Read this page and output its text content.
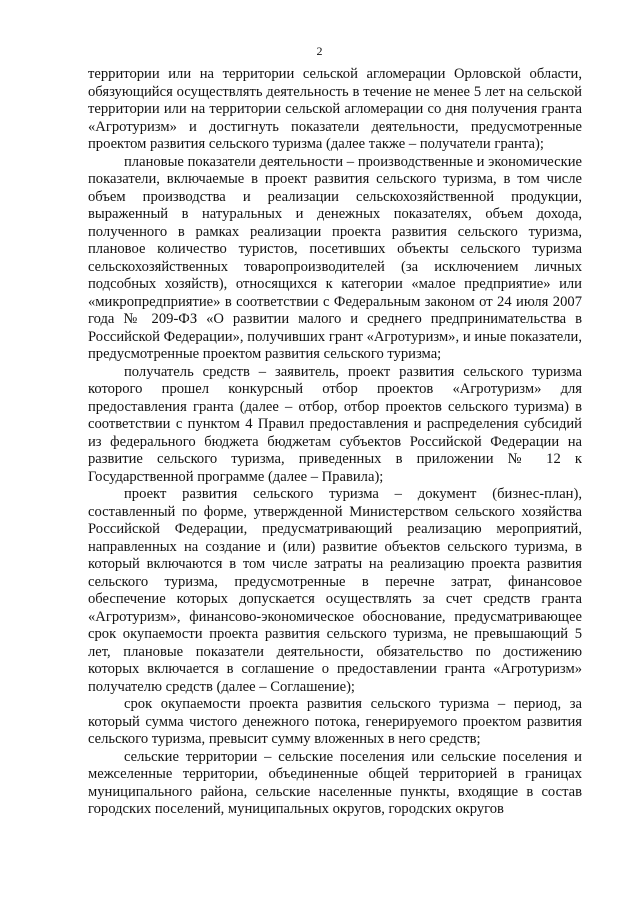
2

территории или на территории сельской агломерации Орловской области, обязующийся осуществлять деятельность в течение не менее 5 лет на сельской территории или на территории сельской агломерации со дня получения гранта «Агротуризм» и достигнуть показатели деятельности, предусмотренные проектом развития сельского туризма (далее также – получатели гранта);

плановые показатели деятельности – производственные и экономические показатели, включаемые в проект развития сельского туризма, в том числе объем производства и реализации сельскохозяйственной продукции, выраженный в натуральных и денежных показателях, объем дохода, полученного в рамках реализации проекта развития сельского туризма, плановое количество туристов, посетивших объекты сельского туризма сельскохозяйственных товаропроизводителей (за исключением личных подсобных хозяйств), относящихся к категории «малое предприятие» или «микропредприятие» в соответствии с Федеральным законом от 24 июля 2007 года № 209-ФЗ «О развитии малого и среднего предпринимательства в Российской Федерации», получивших грант «Агротуризм», и иные показатели, предусмотренные проектом развития сельского туризма;

получатель средств – заявитель, проект развития сельского туризма которого прошел конкурсный отбор проектов «Агротуризм» для предоставления гранта (далее – отбор, отбор проектов сельского туризма) в соответствии с пунктом 4 Правил предоставления и распределения субсидий из федерального бюджета бюджетам субъектов Российской Федерации на развитие сельского туризма, приведенных в приложении № 12 к Государственной программе (далее – Правила);

проект развития сельского туризма – документ (бизнес-план), составленный по форме, утвержденной Министерством сельского хозяйства Российской Федерации, предусматривающий реализацию мероприятий, направленных на создание и (или) развитие объектов сельского туризма, в который включаются в том числе затраты на реализацию проекта развития сельского туризма, предусмотренные в перечне затрат, финансовое обеспечение которых допускается осуществлять за счет средств гранта «Агротуризм», финансово-экономическое обоснование, предусматривающее срок окупаемости проекта развития сельского туризма, не превышающий 5 лет, плановые показатели деятельности, обязательство по достижению которых включается в соглашение о предоставлении гранта «Агротуризм» получателю средств (далее – Соглашение);

срок окупаемости проекта развития сельского туризма – период, за который сумма чистого денежного потока, генерируемого проектом развития сельского туризма, превысит сумму вложенных в него средств;

сельские территории – сельские поселения или сельские поселения и межселенные территории, объединенные общей территорией в границах муниципального района, сельские населенные пункты, входящие в состав городских поселений, муниципальных округов, городских округов
